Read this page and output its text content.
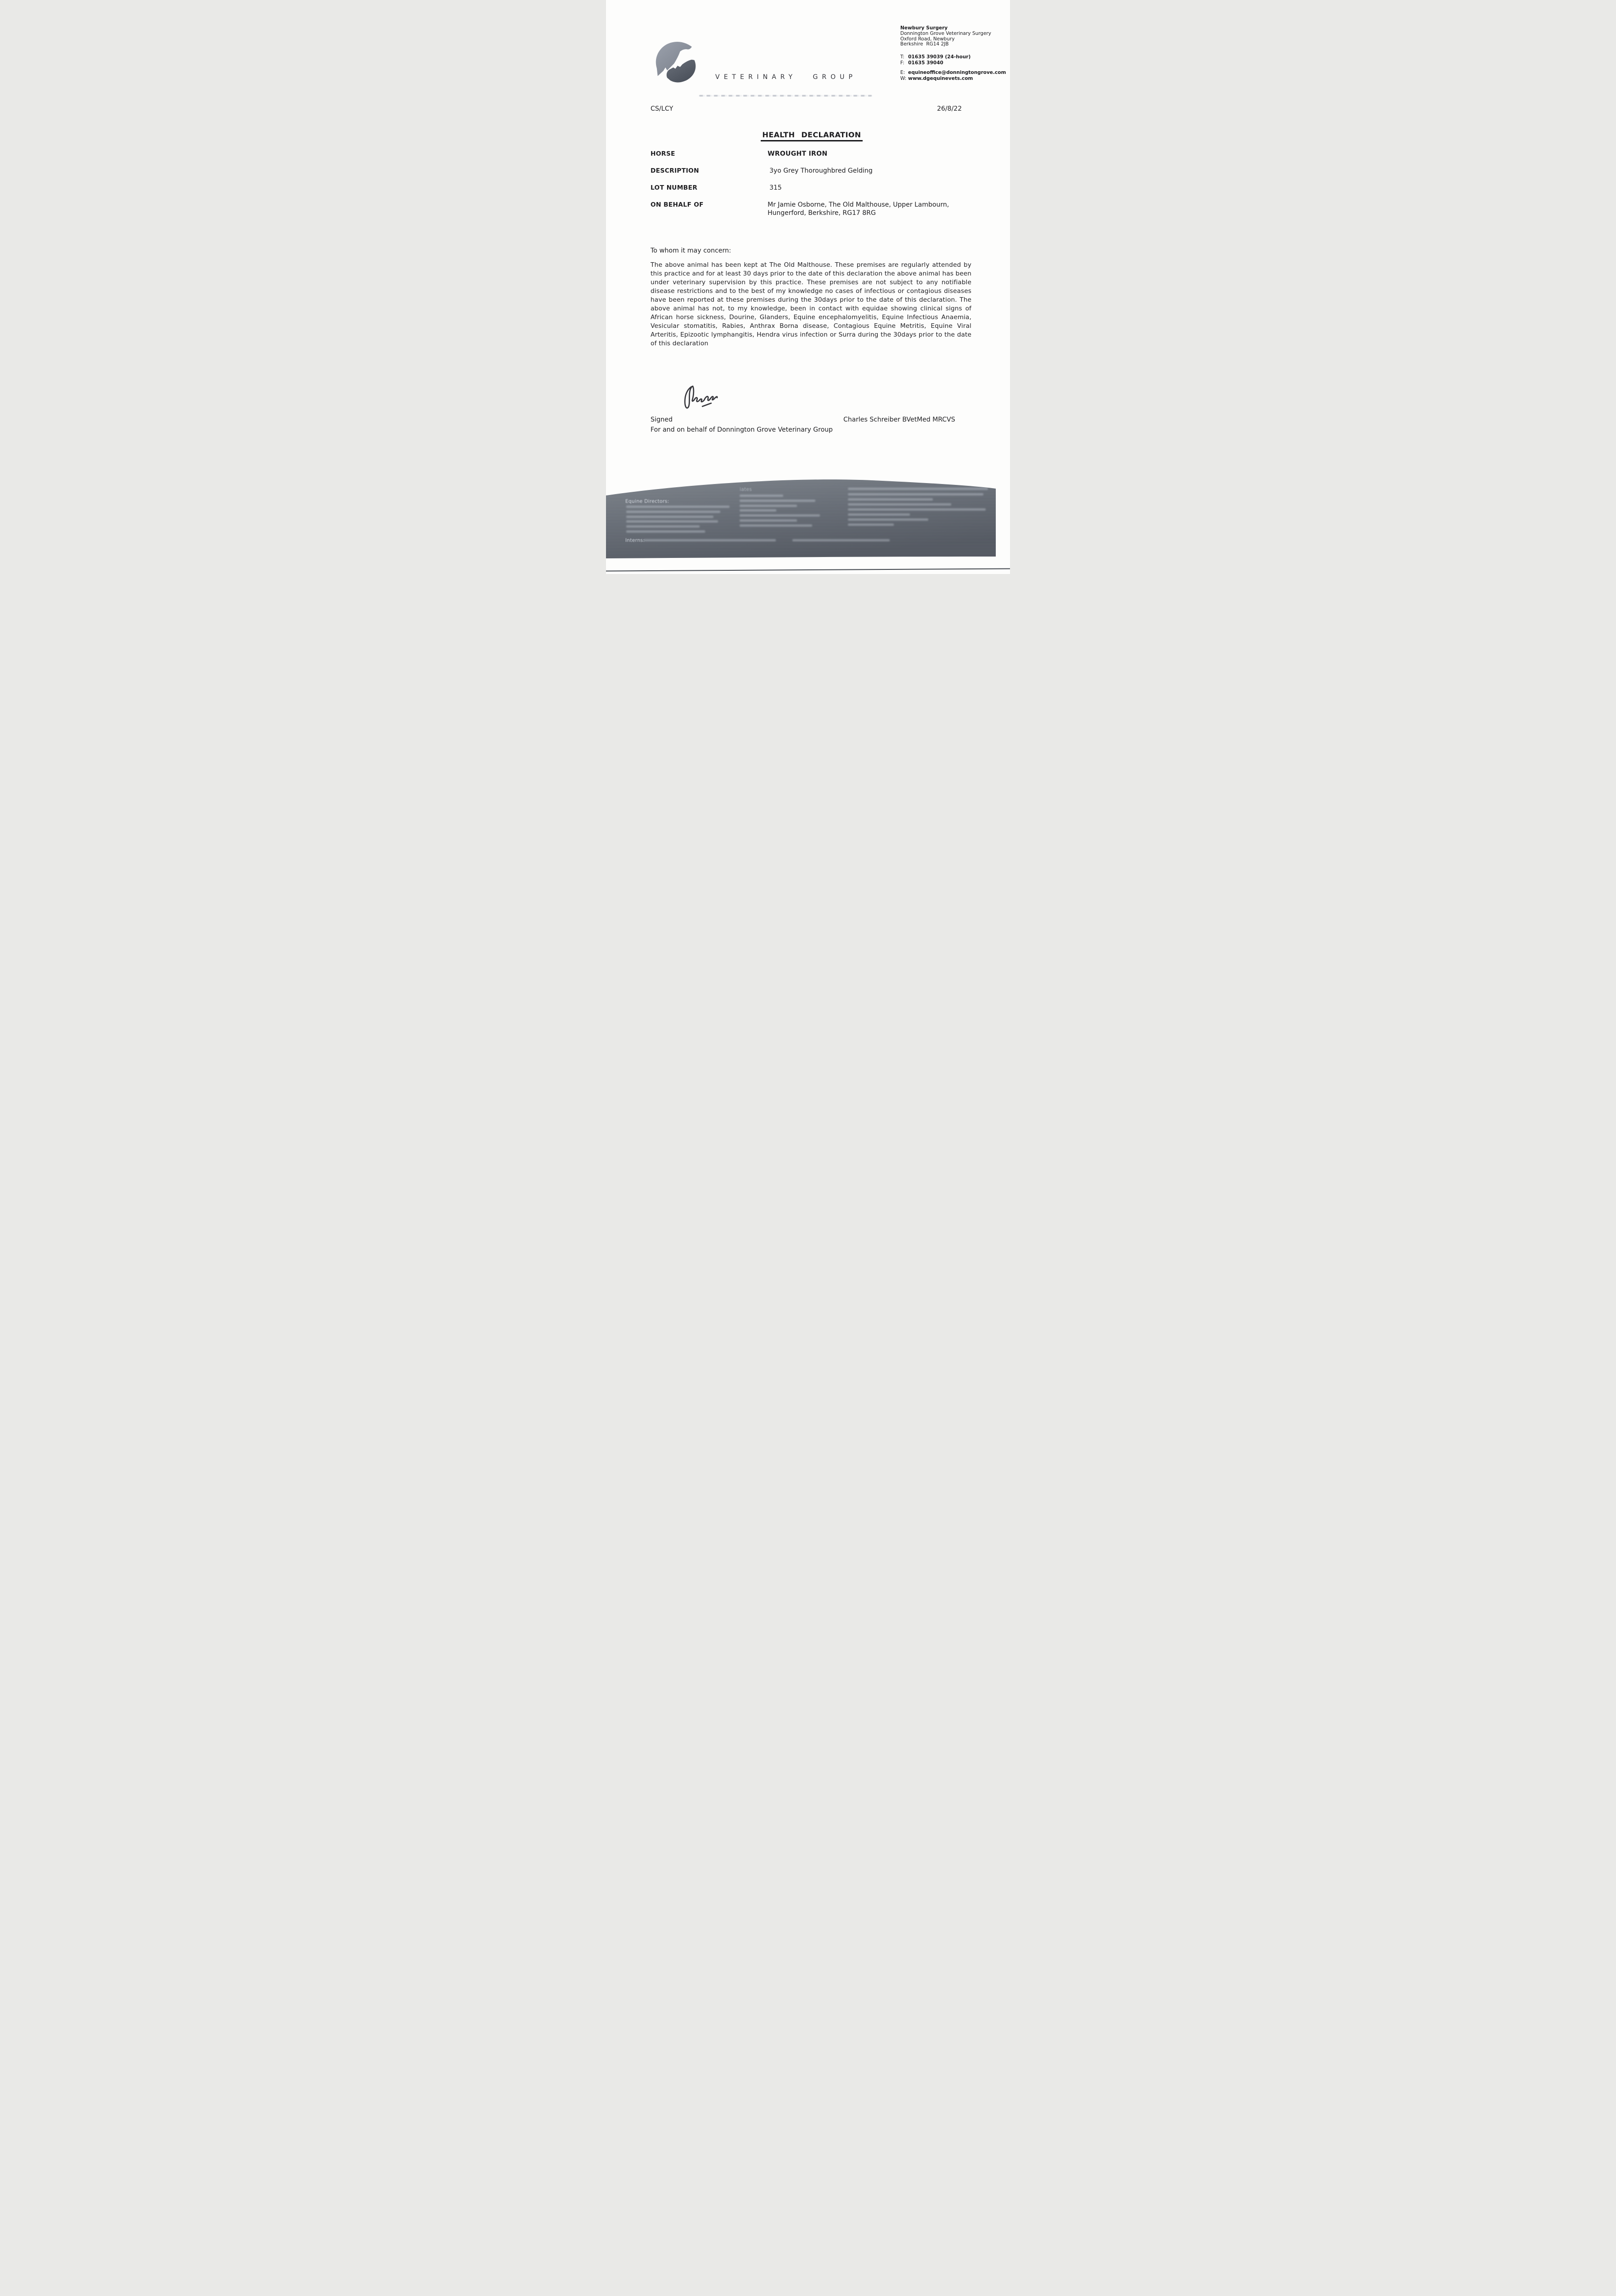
VETERINARY GROUP
Newbury Surgery
Donnington Grove Veterinary Surgery
Oxford Road, Newbury
Berkshire  RG14 2JB
T: 01635 39039 (24-hour)
F: 01635 39040
E: equineoffice@donningtongrove.com
W: www.dgequinevets.com
CS/LCY	26/8/22
HEALTH DECLARATION
HORSE	WROUGHT IRON
DESCRIPTION	3yo Grey Thoroughbred Gelding
LOT NUMBER	315
ON BEHALF OF	Mr Jamie Osborne, The Old Malthouse, Upper Lambourn, Hungerford, Berkshire, RG17 8RG
To whom it may concern:
The above animal has been kept at The Old Malthouse. These premises are regularly attended by this practice and for at least 30 days prior to the date of this declaration the above animal has been under veterinary supervision by this practice. These premises are not subject to any notifiable disease restrictions and to the best of my knowledge no cases of infectious or contagious diseases have been reported at these premises during the 30days prior to the date of this declaration. The above animal has not, to my knowledge, been in contact with equidae showing clinical signs of African horse sickness, Dourine, Glanders, Equine encephalomyelitis, Equine Infectious Anaemia, Vesicular stomatitis, Rabies, Anthrax Borna disease, Contagious Equine Metritis, Equine Viral Arteritis, Epizootic lymphangitis, Hendra virus infection or Surra during the 30days prior to the date of this declaration
Signed	Charles Schreiber BVetMed MRCVS
For and on behalf of Donnington Grove Veterinary Group
Equine Directors:
iates
Interns:
